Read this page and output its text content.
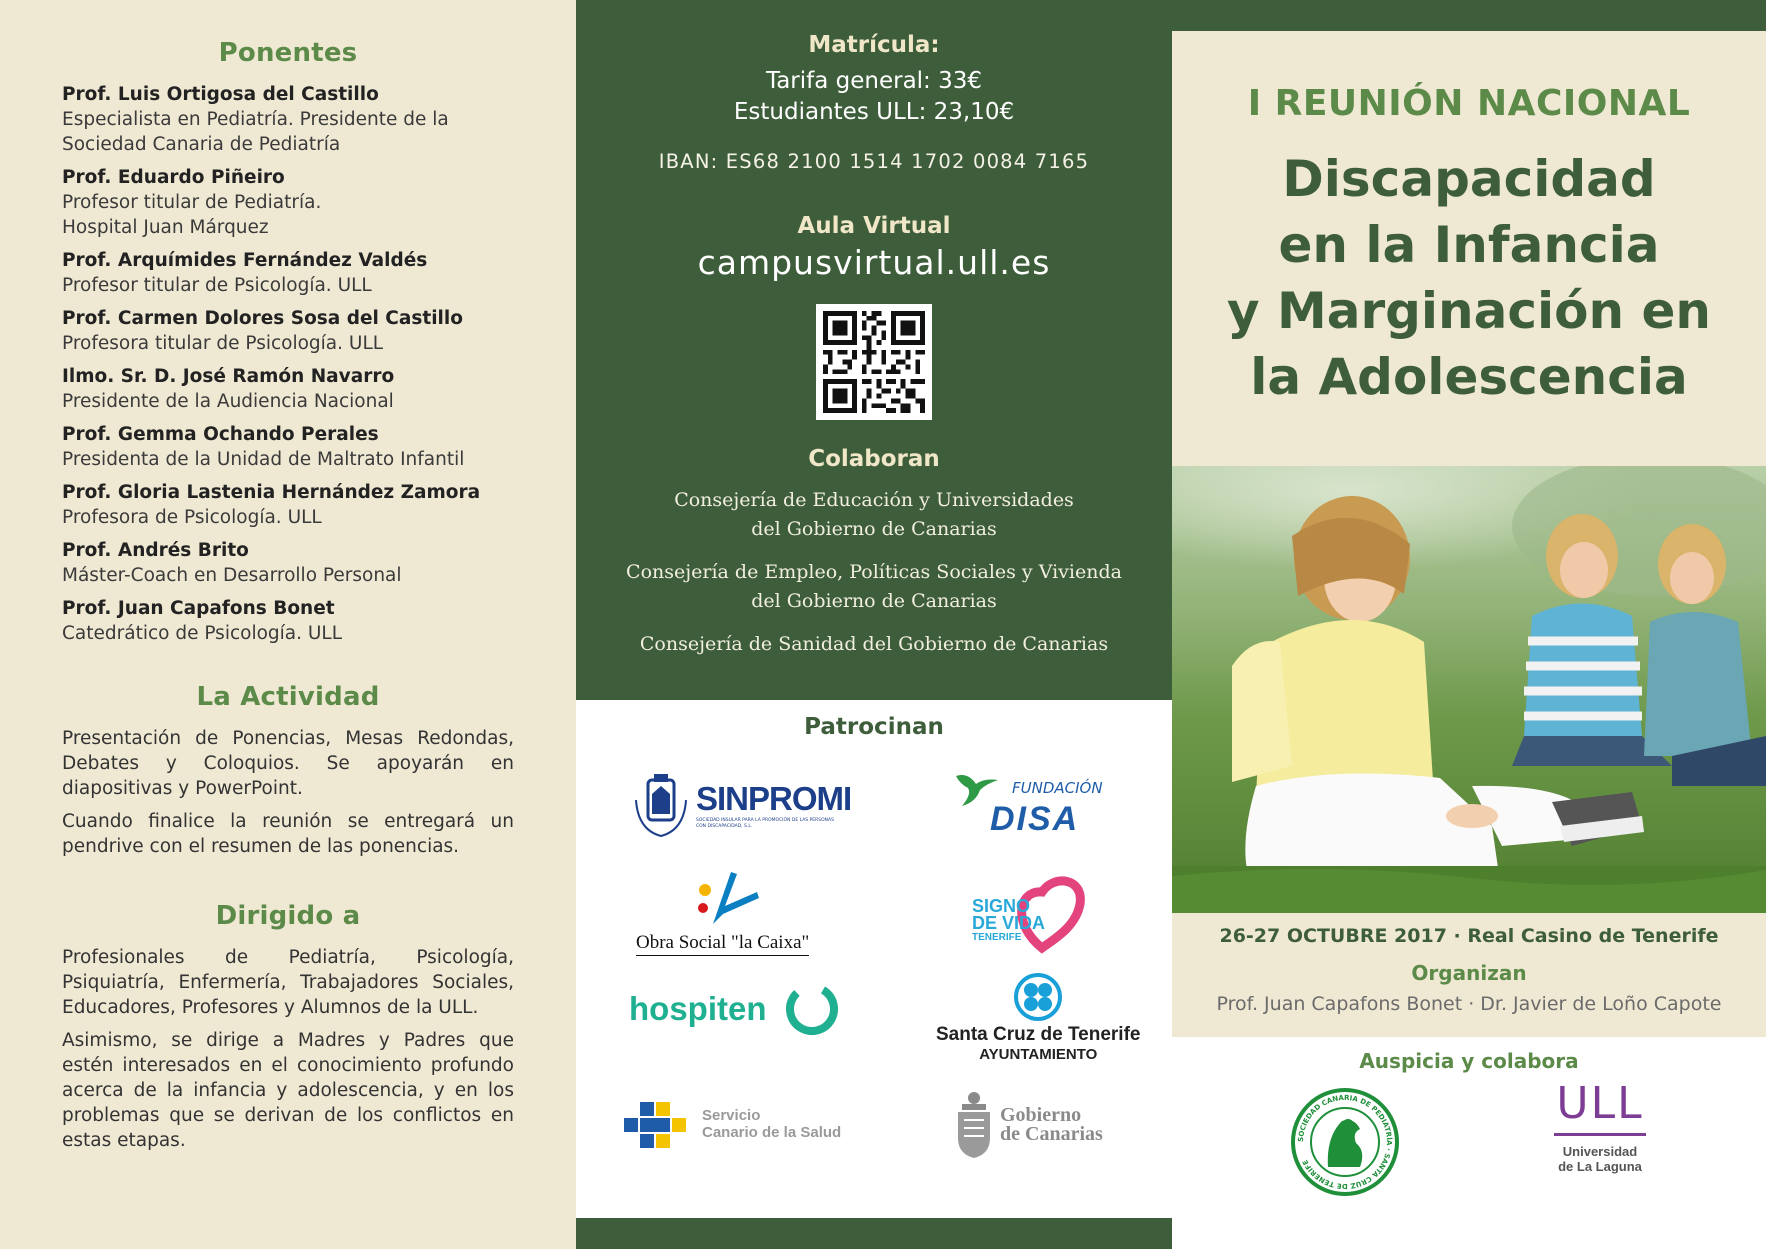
Ponentes
Prof. Luis Ortigosa del Castillo
Especialista en Pediatría. Presidente de la
Sociedad Canaria de Pediatría
Prof. Eduardo Piñeiro
Profesor titular de Pediatría.
Hospital Juan Márquez
Prof. Arquímides Fernández Valdés
Profesor titular de Psicología. ULL
Prof. Carmen Dolores Sosa del Castillo
Profesora titular de Psicología. ULL
Ilmo. Sr. D. José Ramón Navarro
Presidente de la Audiencia Nacional
Prof. Gemma Ochando Perales
Presidenta de la Unidad de Maltrato Infantil
Prof. Gloria Lastenia Hernández Zamora
Profesora de Psicología. ULL
Prof. Andrés Brito
Máster-Coach en Desarrollo Personal
Prof. Juan Capafons Bonet
Catedrático de Psicología. ULL
La Actividad

Presentación de Ponencias, Mesas Redondas, Debates y Coloquios. Se apoyarán en diapositivas y PowerPoint.

Cuando finalice la reunión se entregará un pendrive con el resumen de las ponencias.

Dirigido a

Profesionales de Pediatría, Psicología, Psiquiatría, Enfermería, Trabajadores Sociales, Educadores, Profesores y Alumnos de la ULL.

Asimismo, se dirige a Madres y Padres que estén interesados en el conocimiento profundo acerca de la infancia y adolescencia, y en los problemas que se derivan de los conflictos en estas etapas.

Matrícula:
Tarifa general: 33€
Estudiantes ULL: 23,10€
IBAN: ES68 2100 1514 1702 0084 7165
Aula Virtual
campusvirtual.ull.es
Colaboran
Consejería de Educación y Universidades
del Gobierno de Canarias
Consejería de Empleo, Políticas Sociales y Vivienda
del Gobierno de Canarias
Consejería de Sanidad del Gobierno de Canarias
Patrocinan
SINPROMI
SOCIEDAD INSULAR PARA LA PROMOCIÓN DE LAS PERSONAS CON DISCAPACIDAD, S.L.
FUNDACIÓN
DISA
Obra Social "la Caixa"
SIGNO
DE VIDA
TENERIFE
hospiten
Santa Cruz de Tenerife
AYUNTAMIENTO
Servicio
Canario de la Salud
Gobierno
de Canarias
I REUNIÓN NACIONAL
Discapacidad
en la Infancia
y Marginación en
la Adolescencia
26-27 OCTUBRE 2017 · Real Casino de Tenerife
Organizan
Prof. Juan Capafons Bonet · Dr. Javier de Loño Capote
Auspicia y colabora
SOCIEDAD CANARIA DE PEDIATRÍA · SANTA CRUZ DE TENERIFE
ULL
Universidad
de La Laguna
